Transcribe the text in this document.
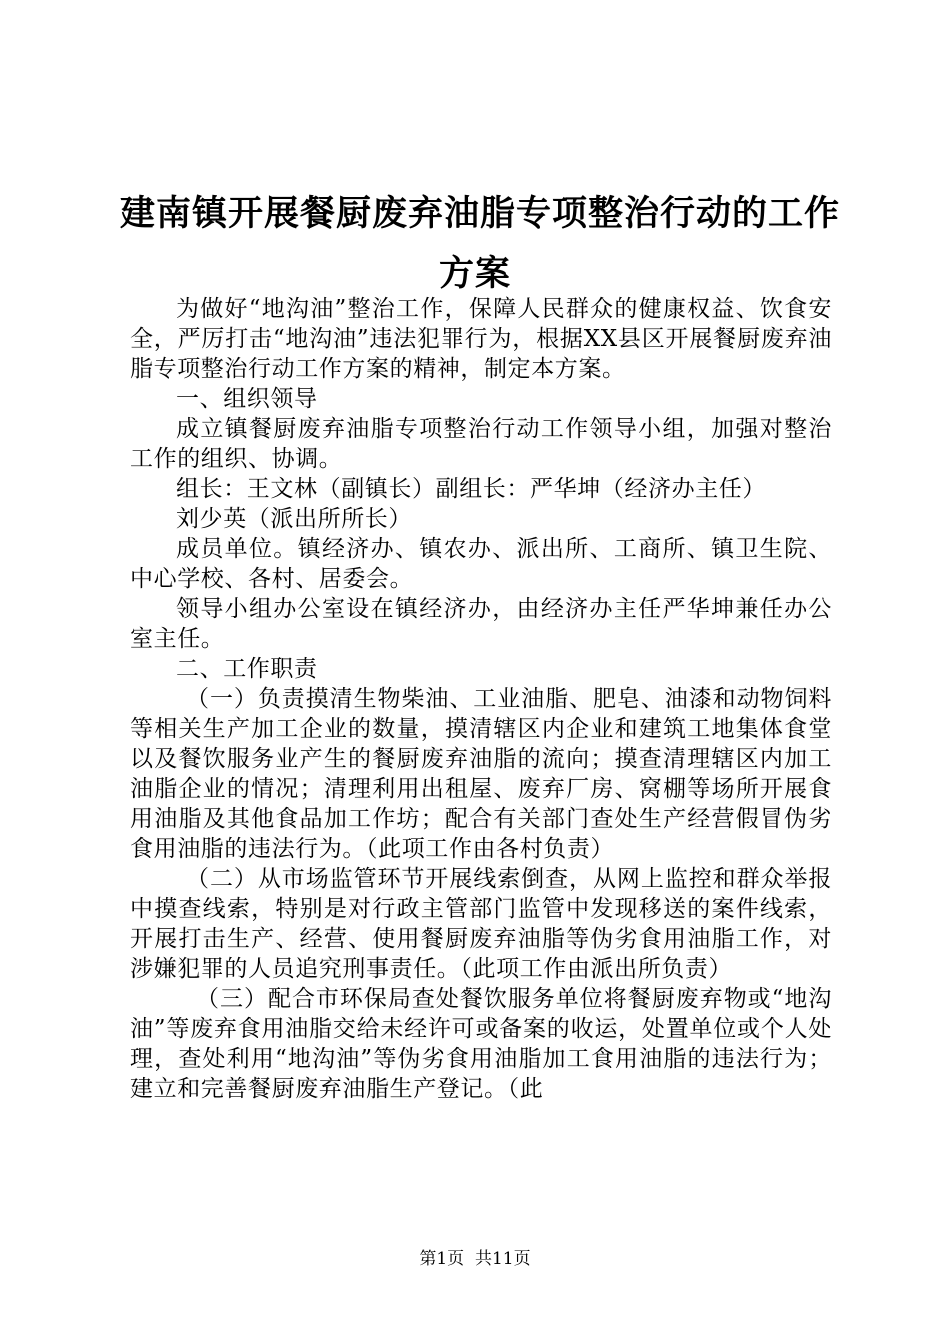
建南镇开展餐厨废弃油脂专项整治行动的工作
方案

为做好“地沟油”整治工作，保障人民群众的健康权益、饮食安全，严厉打击“地沟油”违法犯罪行为，根据XX县区开展餐厨废弃油脂专项整治行动工作方案的精神，制定本方案。

一、组织领导

成立镇餐厨废弃油脂专项整治行动工作领导小组，加强对整治工作的组织、协调。

组长：王文林（副镇长）副组长：严华坤（经济办主任）

刘少英（派出所所长）

成员单位。镇经济办、镇农办、派出所、工商所、镇卫生院、中心学校、各村、居委会。

领导小组办公室设在镇经济办，由经济办主任严华坤兼任办公室主任。

二、工作职责

（一）负责摸清生物柴油、工业油脂、肥皂、油漆和动物饲料等相关生产加工企业的数量，摸清辖区内企业和建筑工地集体食堂以及餐饮服务业产生的餐厨废弃油脂的流向；摸查清理辖区内加工油脂企业的情况；清理利用出租屋、废弃厂房、窝棚等场所开展食用油脂及其他食品加工作坊；配合有关部门查处生产经营假冒伪劣食用油脂的违法行为。（此项工作由各村负责）

（二）从市场监管环节开展线索倒查，从网上监控和群众举报中摸查线索，特别是对行政主管部门监管中发现移送的案件线索，开展打击生产、经营、使用餐厨废弃油脂等伪劣食用油脂工作，对涉嫌犯罪的人员追究刑事责任。（此项工作由派出所负责）

（三）配合市环保局查处餐饮服务单位将餐厨废弃物或“地沟油”等废弃食用油脂交给未经许可或备案的收运，处置单位或个人处理，查处利用“地沟油”等伪劣食用油脂加工食用油脂的违法行为；建立和完善餐厨废弃油脂生产登记。（此

第1页  共11页
